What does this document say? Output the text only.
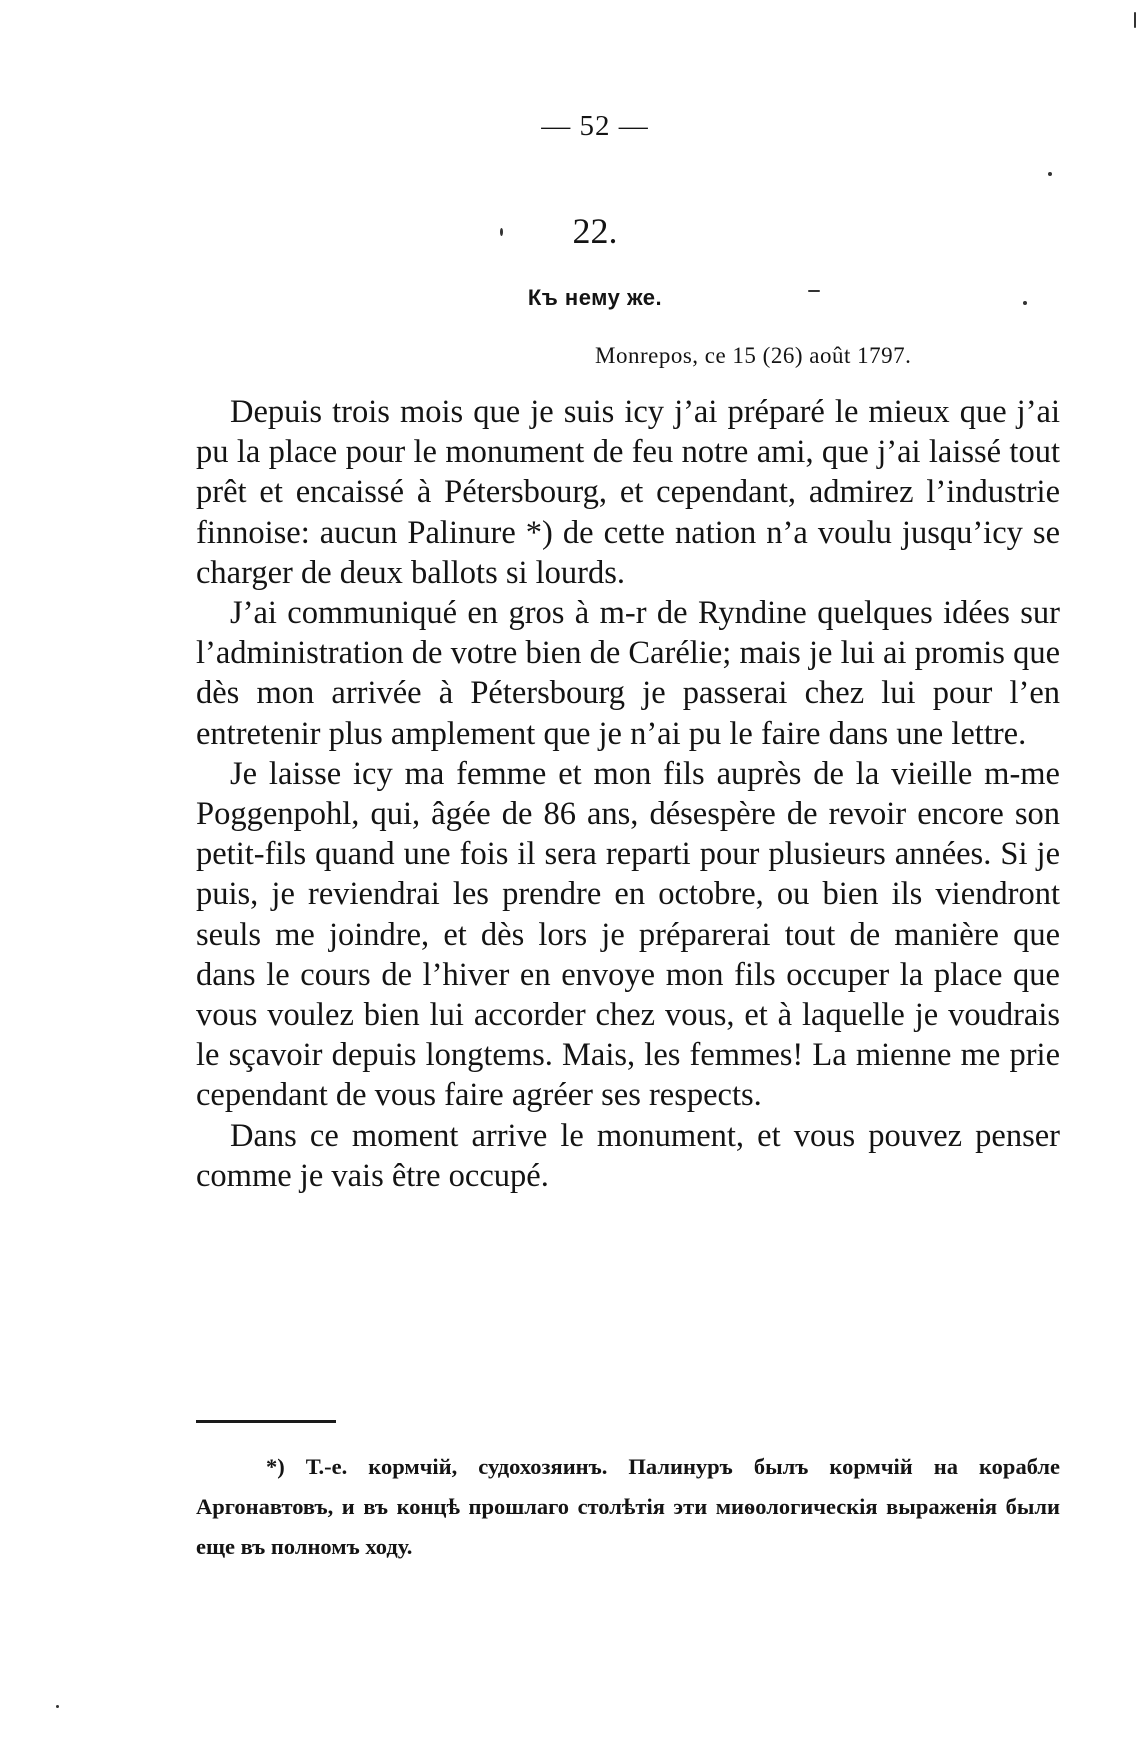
— 52 —
22.
Къ нему же.
Monrepos, ce 15 (26) août 1797.

Depuis trois mois que je suis icy j’ai préparé le mieux que j’ai pu la place pour le monument de feu notre ami, que j’ai laissé tout prêt et encaissé à Pétersbourg, et cependant, admirez l’industrie finnoise: aucun Palinure *) de cette nation n’a voulu jusqu’icy se charger de deux ballots si lourds.

J’ai communiqué en gros à m-r de Ryndine quelques idées sur l’administration de votre bien de Carélie; mais je lui ai promis que dès mon arrivée à Pétersbourg je passerai chez lui pour l’en entretenir plus amplement que je n’ai pu le faire dans une lettre.

Je laisse icy ma femme et mon fils auprès de la vieille m-me Poggenpohl, qui, âgée de 86 ans, désespère de revoir encore son petit-fils quand une fois il sera reparti pour plusieurs années. Si je puis, je reviendrai les prendre en octobre, ou bien ils viendront seuls me joindre, et dès lors je préparerai tout de manière que dans le cours de l’hiver en envoye mon fils occuper la place que vous voulez bien lui accorder chez vous, et à laquelle je voudrais le sçavoir depuis longtems. Mais, les femmes! La mienne me prie cependant de vous faire agréer ses respects.

Dans ce moment arrive le monument, et vous pouvez penser comme je vais être occupé.

*) Т.-е. кормчій, судохозяинъ. Палинуръ былъ кормчій на корабле Аргонавтовъ, и въ концѣ прошлаго столѣтія эти миѳологическія выраженія были еще въ полномъ ходу.
